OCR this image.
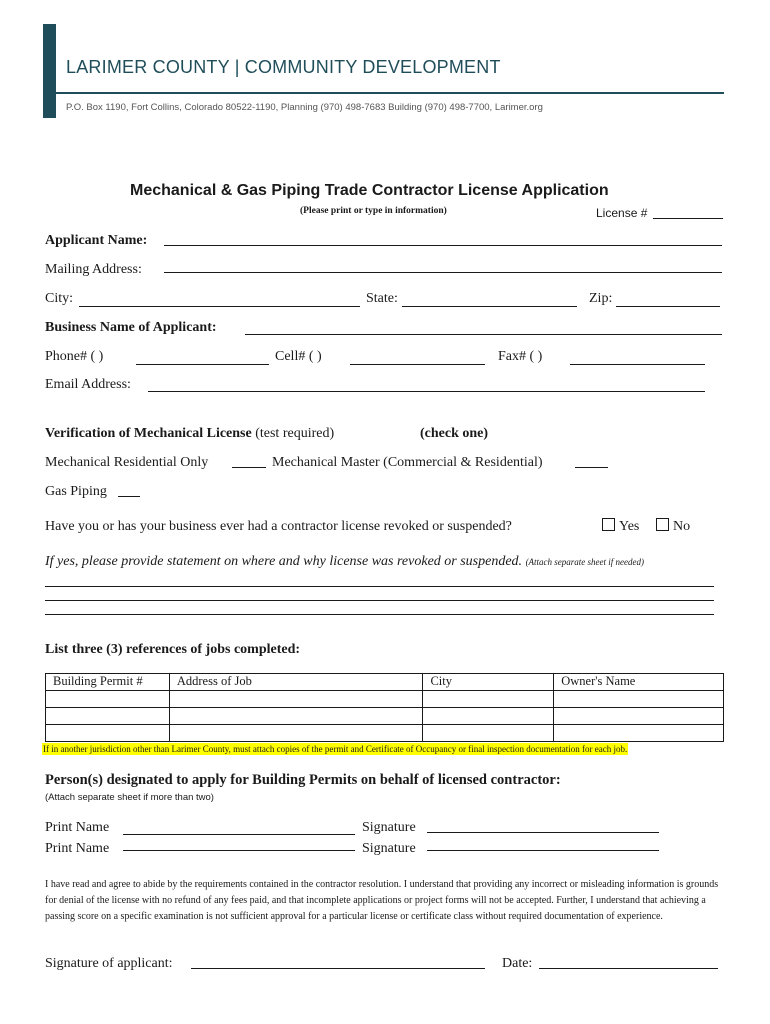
LARIMER COUNTY | COMMUNITY DEVELOPMENT
P.O. Box 1190, Fort Collins, Colorado 80522-1190, Planning (970) 498-7683 Building (970) 498-7700, Larimer.org
Mechanical & Gas Piping Trade Contractor License Application
(Please print or type in information)	License #
Applicant Name:
Mailing Address:
City:	State:	Zip:
Business Name of Applicant:
Phone# ( )	Cell# ( )	Fax# ( )
Email Address:
Verification of Mechanical License (test required)	(check one)
Mechanical Residential Only	Mechanical Master (Commercial & Residential)
Gas Piping
Have you or has your business ever had a contractor license revoked or suspended?	Yes	No
If yes, please provide statement on where and why license was revoked or suspended. (Attach separate sheet if needed)
List three (3) references of jobs completed:
Building Permit #	Address of Job	City	Owner's Name

If in another jurisdiction other than Larimer County, must attach copies of the permit and Certificate of Occupancy or final inspection documentation for each job.
Person(s) designated to apply for Building Permits on behalf of licensed contractor:
(Attach separate sheet if more than two)
Print Name	Signature
Print Name	Signature
I have read and agree to abide by the requirements contained in the contractor resolution. I understand that providing any incorrect or misleading information is grounds for denial of the license with no refund of any fees paid, and that incomplete applications or project forms will not be accepted. Further, I understand that achieving a passing score on a specific examination is not sufficient approval for a particular license or certificate class without required documentation of experience.
Signature of applicant:	Date:
